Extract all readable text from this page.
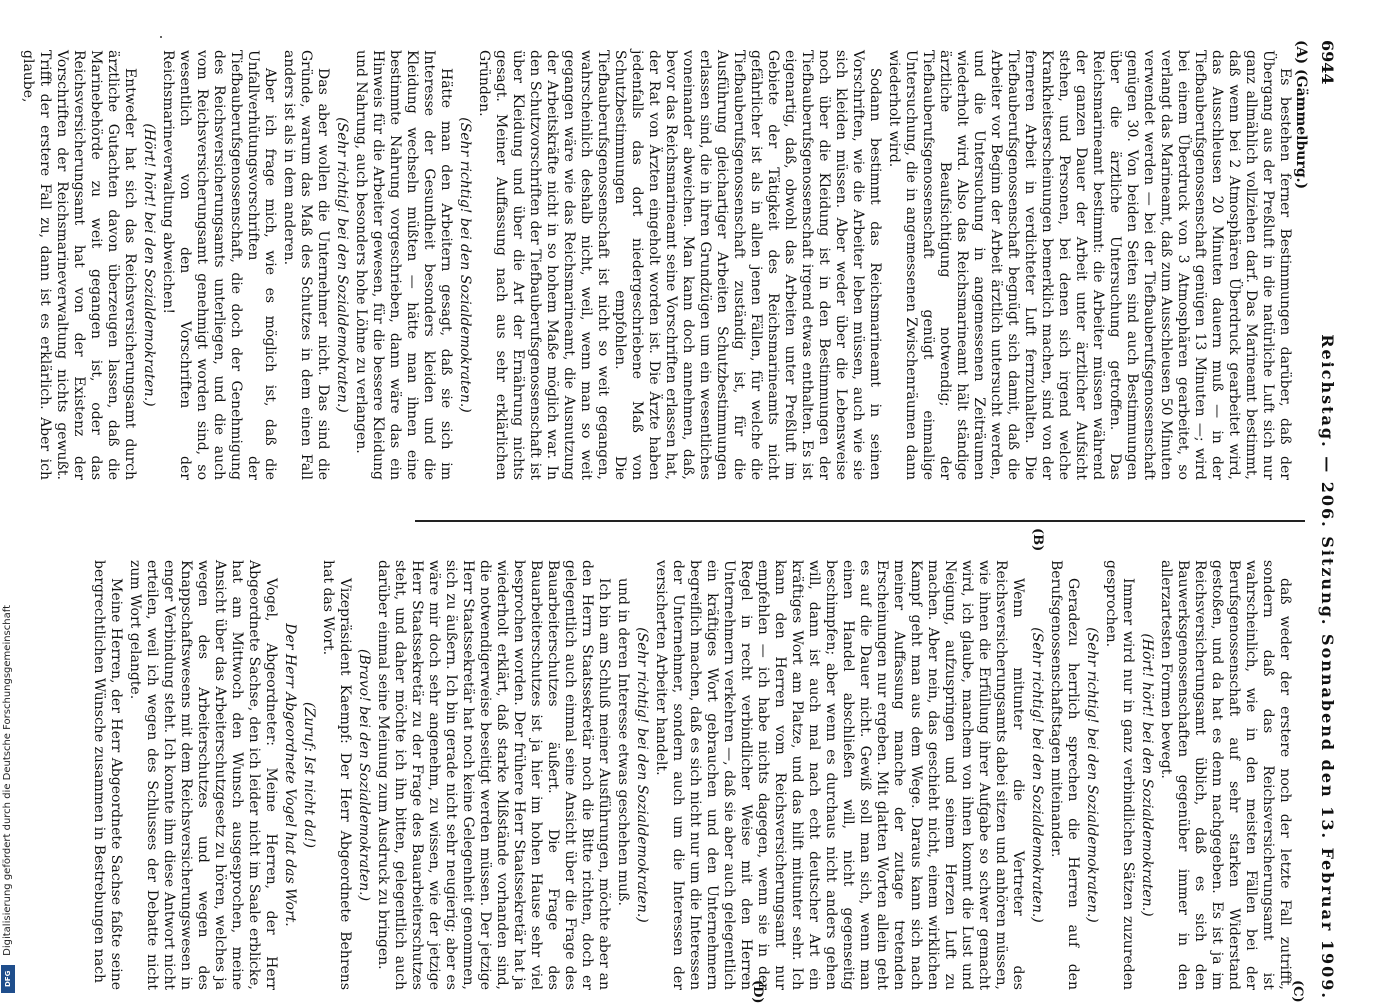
6944
Reichstag. — 206. Sitzung. Sonnabend den 13. Februar 1909.
(A) (Gämmelburg.)

Es bestehen ferner Bestimmungen darüber, daß der Übergang aus der Preßluft in die natürliche Luft sich nur ganz allmählich vollziehen darf. Das Marineamt bestimmt, daß wenn bei 2 Atmosphären Überdruck gearbeitet wird, das Ausschleusen 20 Minuten dauern muß — in der Tiefbauberufsgenossenschaft genügen 13 Minuten —; wird bei einem Überdruck von 3 Atmosphären gearbeitet, so verlangt das Marineamt, daß zum Ausschleusen 50 Minuten verwendet werden — bei der Tiefbauberufsgenossenschaft genügen 30. Von beiden Seiten sind auch Bestimmungen über die ärztliche Untersuchung getroffen. Das Reichsmarineamt bestimmt: die Arbeiter müssen während der ganzen Dauer der Arbeit unter ärztlicher Aufsicht stehen, und Personen, bei denen sich irgend welche Krankheitserscheinungen bemerklich machen, sind von der ferneren Arbeit in verdichteter Luft fernzuhalten. Die Tiefbauberufsgenossenschaft begnügt sich damit, daß die Arbeiter vor Beginn der Arbeit ärztlich untersucht werden, und die Untersuchung in angemessenen Zeiträumen wiederholt wird. Also das Reichsmarineamt hält ständige ärztliche Beaufsichtigung notwendig; der Tiefbauberufsgenossenschaft genügt einmalige Untersuchung, die in angemessenen Zwischenräumen dann wiederholt wird.

Sodann bestimmt das Reichsmarineamt in seinen Vorschriften, wie die Arbeiter leben müssen, auch wie sie sich kleiden müssen. Aber weder über die Lebensweise noch über die Kleidung ist in den Bestimmungen der Tiefbauberufsgenossenschaft irgend etwas enthalten. Es ist eigenartig, daß, obwohl das Arbeiten unter Preßluft im Gebiete der Tätigkeit des Reichsmarineamts nicht gefährlicher ist als in allen jenen Fällen, für welche die Tiefbauberufsgenossenschaft zuständig ist, für die Ausführung gleichartiger Arbeiten Schutzbestimmungen erlassen sind, die in ihren Grundzügen um ein wesentliches voneinander abweichen. Man kann doch annehmen, daß, bevor das Reichsmarineamt seine Vorschriften erlassen hat, der Rat von Ärzten eingeholt worden ist. Die Ärzte haben jedenfalls das dort niedergeschriebene Maß von Schutzbestimmungen empfohlen. Die Tiefbauberufsgenossenschaft ist nicht so weit gegangen, wahrscheinlich deshalb nicht, weil, wenn man so weit gegangen wäre wie das Reichsmarineamt, die Ausnutzung der Arbeitskräfte nicht in so hohem Maße möglich war. In den Schutzvorschriften der Tiefbauberufsgenossenschaft ist über Kleidung und über die Art der Ernährung nichts gesagt. Meiner Auffassung nach aus sehr erklärlichen Gründen.

(Sehr richtig! bei den Sozialdemokraten.)

Hätte man den Arbeitern gesagt, daß sie sich im Interesse der Gesundheit besonders kleiden und die Kleidung wechseln müßten — hätte man ihnen eine bestimmte Nahrung vorgeschrieben, dann wäre das ein Hinweis für die Arbeiter gewesen, für die bessere Kleidung und Nahrung, auch besonders hohe Löhne zu verlangen.

(Sehr richtig! bei den Sozialdemokraten.)

Das aber wollen die Unternehmer nicht. Das sind die Gründe, warum das Maß des Schutzes in dem einen Fall anders ist als in dem anderen.

Aber ich frage mich, wie es möglich ist, daß die Unfallverhütungsvorschriften der Tiefbauberufsgenossenschaft, die doch der Genehmigung des Reichsversicherungsamts unterliegen, und die auch vom Reichsversicherungsamt genehmigt worden sind, so wesentlich von den Vorschriften der Reichsmarineverwaltung abweichen!

(Hört! hört! bei den Sozialdemokraten.)

Entweder hat sich das Reichsversicherungsamt durch ärztliche Gutachten davon überzeugen lassen, daß die Marinebehörde zu weit gegangen ist, oder das Reichsversicherungsamt hat von der Existenz der Vorschriften der Reichsmarineverwaltung nichts gewußt. Trifft der erstere Fall zu, dann ist es erklärlich. Aber ich glaube,

(B)
(C)
(D)

daß weder der erstere noch der letzte Fall zutrifft, sondern daß das Reichsversicherungsamt ist wahrscheinlich, wie in den meisten Fällen bei der Berufsgenossenschaft auf sehr starken Widerstand gestoßen, und da hat es denn nachgegeben. Es ist ja im Reichsversicherungsamt üblich, daß es sich den Bauwerksgenossenschaften gegenüber immer in den allerzartesten Formen bewegt.

(Hört! hört! bei den Sozialdemokraten.)

Immer wird nur in ganz verbindlichen Sätzen zuzureden gesprochen.

(Sehr richtig! bei den Sozialdemokraten.)

Geradezu herrlich sprechen die Herren auf den Berufsgenossenschaftstagen miteinander.

(Sehr richtig! bei den Sozialdemokraten.)

Wenn mitunter die Vertreter des Reichsversicherungsamts dabei sitzen und anhören müssen, wie ihnen die Erfüllung ihrer Aufgabe so schwer gemacht wird, ich glaube, manchem von ihnen kommt die Lust und Neigung, aufzuspringen und seinem Herzen Luft zu machen. Aber nein, das geschieht nicht, einem wirklichen Kampf geht man aus dem Wege. Daraus kann sich nach meiner Auffassung manche der zutage tretenden Erscheinungen nur ergeben. Mit glatten Worten allein geht es auf die Dauer nicht. Gewiß soll man sich, wenn man einen Handel abschließen will, nicht gegenseitig beschimpfen; aber wenn es durchaus nicht anders gehen will, dann ist auch mal nach echt deutscher Art ein kräftiges Wort am Platze, und das hilft mitunter sehr. Ich kann den Herren vom Reichsversicherungsamt nur empfehlen — ich habe nichts dagegen, wenn sie in der Regel in recht verbindlicher Weise mit den Herren Unternehmern verkehren —, daß sie aber auch gelegentlich ein kräftiges Wort gebrauchen und den Unternehmern begreiflich machen, daß es sich nicht nur um die Interessen der Unternehmer, sondern auch um die Interessen der versicherten Arbeiter handelt.

(Sehr richtig! bei den Sozialdemokraten.)

und in deren Interesse etwas geschehen muß.

Ich bin am Schluß meiner Ausführungen, möchte aber an den Herrn Staatssekretär noch die Bitte richten, doch er gelegentlich auch einmal seine Ansicht über die Frage des Bauarbeiterschutzes äußert. Die Frage des Bauarbeiterschutzes ist ja hier im hohen Hause sehr viel besprochen worden. Der frühere Herr Staatssekretär hat ja wiederholt erklärt, daß starke Mißstände vorhanden sind, die notwendigerweise beseitigt werden müssen. Der jetzige Herr Staatssekretär hat noch keine Gelegenheit genommen, sich zu äußern. Ich bin gerade nicht sehr neugierig; aber es wäre mir doch sehr angenehm, zu wissen, wie der jetzige Herr Staatssekretär zu der Frage des Bauarbeiterschutzes steht, und daher möchte ich ihn bitten, gelegentlich auch darüber einmal seine Meinung zum Ausdruck zu bringen.

(Bravo! bei den Sozialdemokraten.)

Vizepräsident Kaempf: Der Herr Abgeordnete Behrens hat das Wort.

(Zuruf: Ist nicht da!)

Der Herr Abgeordnete Vogel hat das Wort.

Vogel, Abgeordneter: Meine Herren, der Herr Abgeordnete Sachse, den ich leider nicht im Saale erblicke, hat am Mittwoch den Wunsch ausgesprochen, meine Ansicht über das Arbeiterschutzgesetz zu hören, welches ja wegen des Arbeiterschutzes und wegen des Knappschaftswesens mit dem Reichsversicherungswesen in enger Verbindung steht. Ich konnte ihm diese Antwort nicht erteilen, weil ich wegen des Schlusses der Debatte nicht zum Wort gelangte.

Meine Herren, der Herr Abgeordnete Sachse faßte seine bergrechtlichen Wünsche zusammen in Bestrebungen nach

Digitalisierung gefördert durch die Deutsche Forschungsgemeinschaft
DFG
